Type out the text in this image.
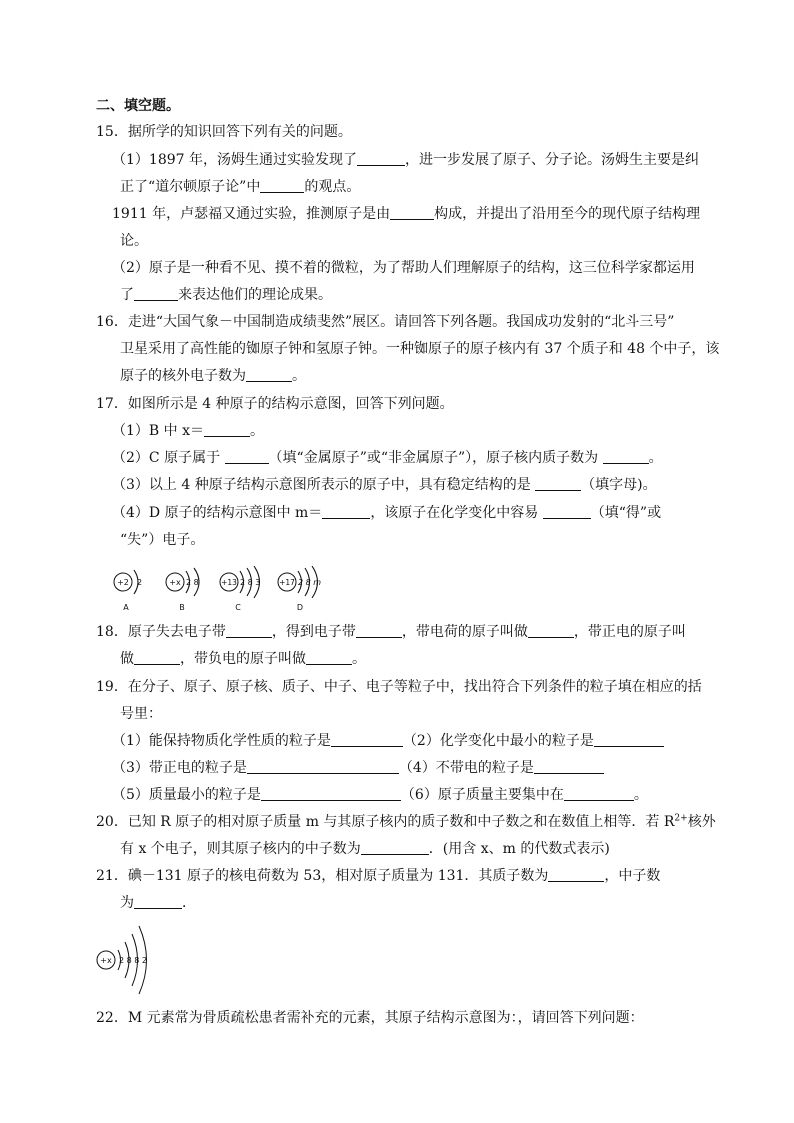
二、填空题。
15．据所学的知识回答下列有关的问题。
（1）1897 年，汤姆生通过实验发现了	，进一步发展了原子、分子论。汤姆生主要是纠
正了“道尔顿原子论”中	的观点。
1911 年，卢瑟福又通过实验，推测原子是由	构成，并提出了沿用至今的现代原子结构理
论。
（2）原子是一种看不见、摸不着的微粒，为了帮助人们理解原子的结构，这三位科学家都运用
了	来表达他们的理论成果。
16．走进“大国气象－中国制造成绩斐然”展区。请回答下列各题。我国成功发射的“北斗三号”
卫星采用了高性能的铷原子钟和氢原子钟。一种铷原子的原子核内有 37 个质子和 48 个中子，该
原子的核外电子数为	。
17．如图所示是 4 种原子的结构示意图，回答下列问题。
（1）B 中 x＝	。
（2）C 原子属于	（填“金属原子”或“非金属原子”），原子核内质子数为	。
（3）以上 4 种原子结构示意图所表示的原子中，具有稳定结构的是	（填字母)。
（4）D 原子的结构示意图中 m＝	，该原子在化学变化中容易	（填“得”或
“失”）电子。
+2 2
A
+x 2 8
B
+13 2 8 3
C
+17 2 8 m
D
18．原子失去电子带	，得到电子带	，带电荷的原子叫做	，带正电的原子叫
做	，带负电的原子叫做	。
19．在分子、原子、原子核、质子、中子、电子等粒子中，找出符合下列条件的粒子填在相应的括
号里：
（1）能保持物质化学性质的粒子是	（2）化学变化中最小的粒子是
（3）带正电的粒子是	（4）不带电的粒子是
（5）质量最小的粒子是	（6）原子质量主要集中在	。
20．已知 R 原子的相对原子质量 m 与其原子核内的质子数和中子数之和在数值上相等．若 $R^{2+}$核外
有 x 个电子，则其原子核内的中子数为	．(用含 x、m 的代数式表示)
21．碘－131 原子的核电荷数为 53，相对原子质量为 131．其质子数为	，中子数
为	．
+x 2 8 8 2
22．M 元素常为骨质疏松患者需补充的元素，其原子结构示意图为：，请回答下列问题：
